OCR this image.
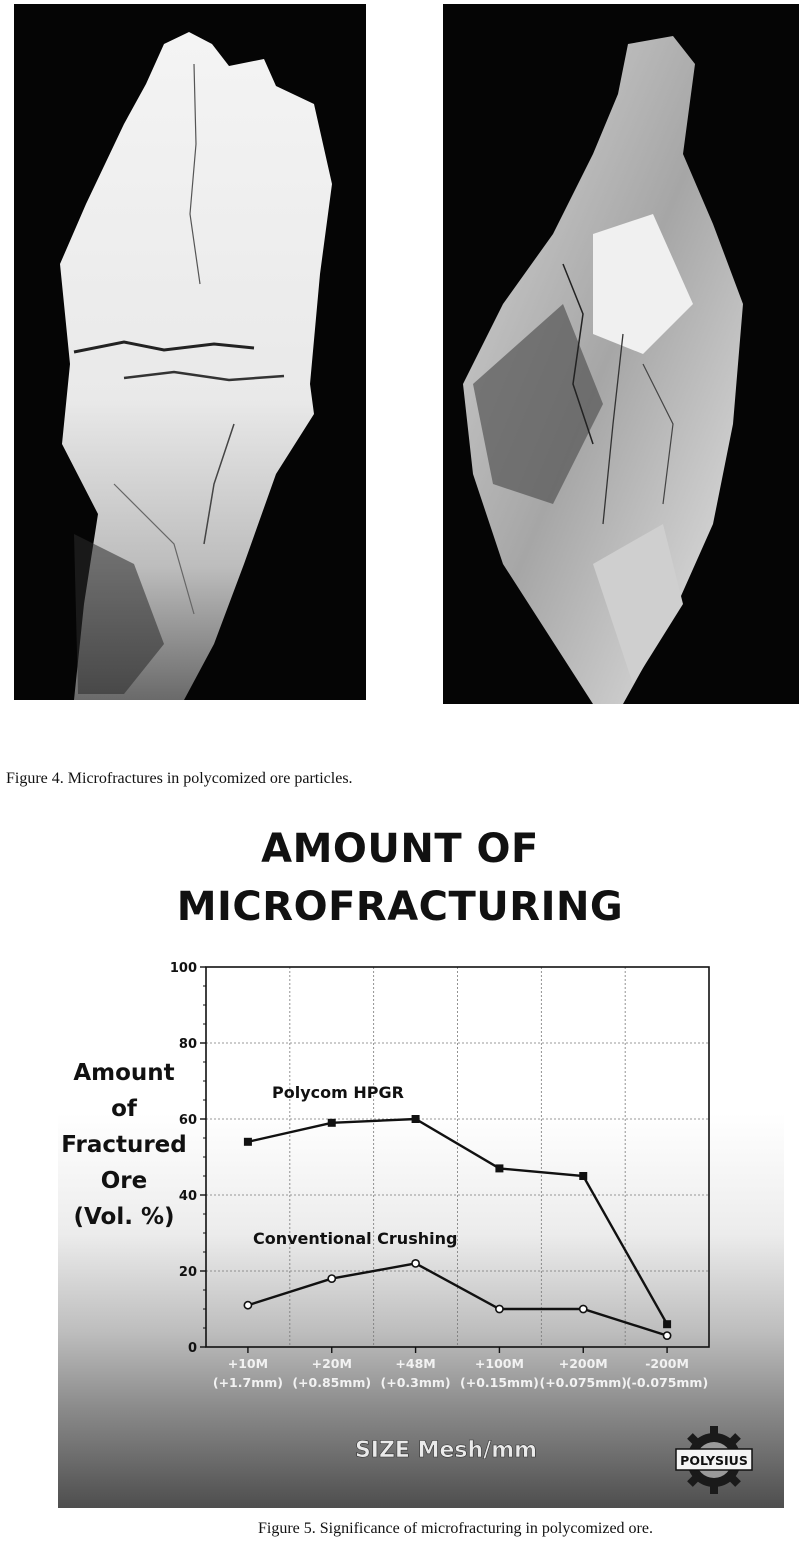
Figure 4. Microfractures in polycomized ore particles.
AMOUNT OF
MICROFRACTURING
0
20
40
60
80
100
+10M
(+1.7mm)
+20M
(+0.85mm)
+48M
(+0.3mm)
+100M
(+0.15mm)
+200M
(+0.075mm)
-200M
(-0.075mm)
Amount
of
Fractured
Ore
(Vol. %)
Polycom HPGR
Conventional Crushing
SIZE Mesh/mm	POLYSIUS
Figure 5. Significance of microfracturing in polycomized ore.
